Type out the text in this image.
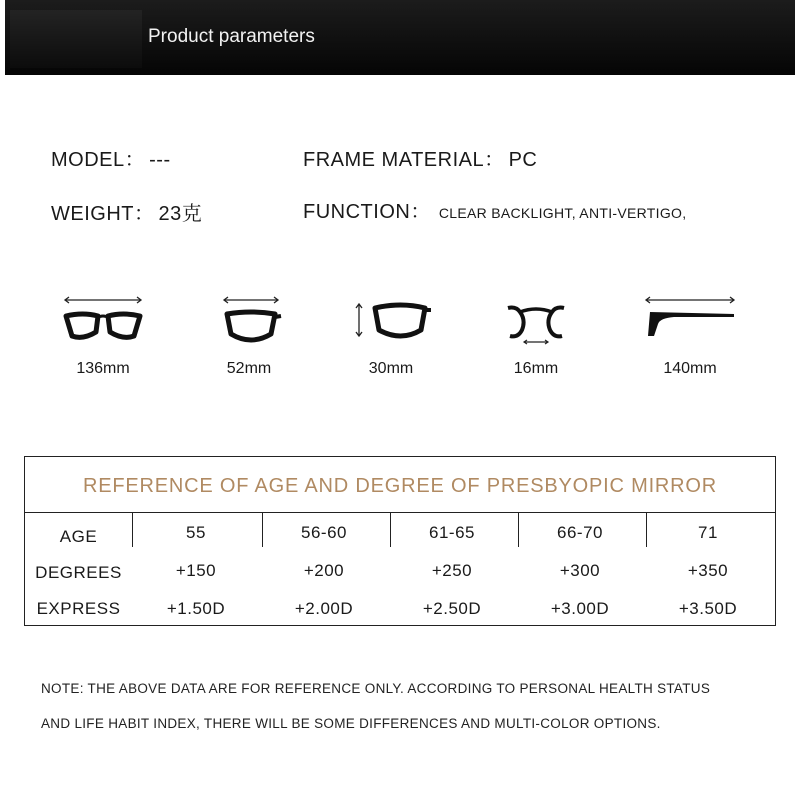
Product parameters
MODEL： ---	FRAME MATERIAL： PC
WEIGHT： 23克	FUNCTION： CLEAR BACKLIGHT, ANTI-VERTIGO,
136mm	52mm	30mm	16mm	140mm
REFERENCE OF AGE AND DEGREE OF PRESBYOPIC MIRROR
AGE	55	56-60	61-65	66-70	71
DEGREES	+150	+200	+250	+300	+350
EXPRESS	+1.50D	+2.00D	+2.50D	+3.00D	+3.50D
NOTE: THE ABOVE DATA ARE FOR REFERENCE ONLY. ACCORDING TO PERSONAL HEALTH STATUS
AND LIFE HABIT INDEX, THERE WILL BE SOME DIFFERENCES AND MULTI-COLOR OPTIONS.
